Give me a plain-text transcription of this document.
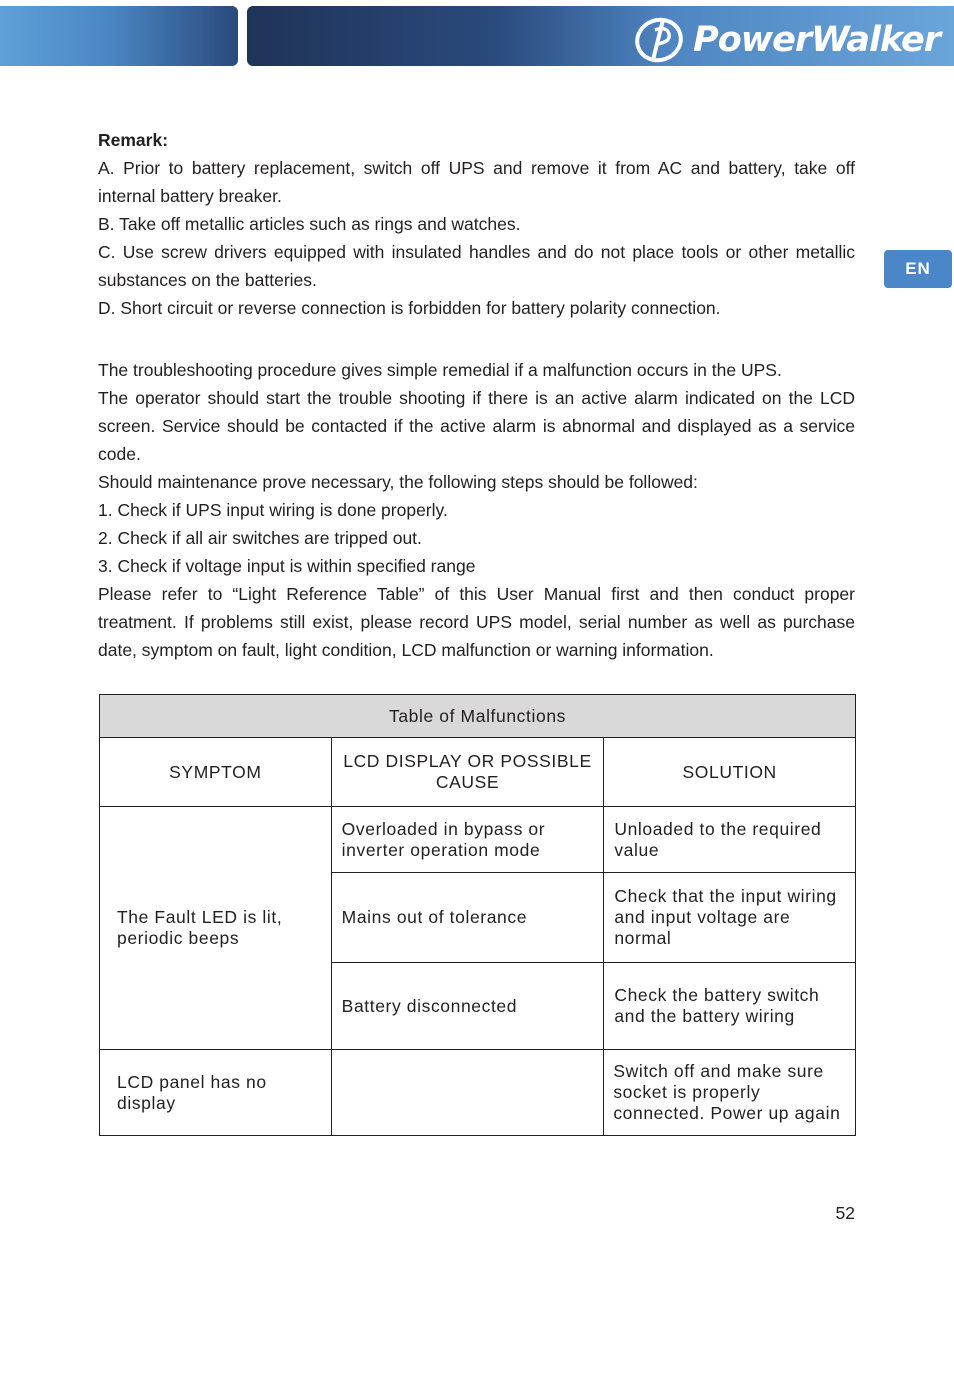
PowerWalker
EN

Remark:

A. Prior to battery replacement, switch off UPS and remove it from AC and battery, take off internal battery breaker.

B. Take off metallic articles such as rings and watches.

C. Use screw drivers equipped with insulated handles and do not place tools or other metallic substances on the batteries.

D. Short circuit or reverse connection is forbidden for battery polarity connection.

The troubleshooting procedure gives simple remedial if a malfunction occurs in the UPS.

The operator should start the trouble shooting if there is an active alarm indicated on the LCD screen. Service should be contacted if the active alarm is abnormal and displayed as a service code.

Should maintenance prove necessary, the following steps should be followed:

1. Check if UPS input wiring is done properly.

2. Check if all air switches are tripped out.

3. Check if voltage input is within specified range

Please refer to “Light Reference Table” of this User Manual first and then conduct proper treatment. If problems still exist, please record UPS model, serial number as well as purchase date, symptom on fault, light condition, LCD malfunction or warning information.

Table of Malfunctions		
SYMPTOM	LCD DISPLAY OR POSSIBLE CAUSE	SOLUTION

The Fault LED is lit, periodic beeps	Overloaded in bypass or inverter operation mode	Unloaded to the required value

	Mains out of tolerance	Check that the input wiring and input voltage are normal

	Battery disconnected	Check the battery switch and the battery wiring

LCD panel has no display		Switch off and make sure socket is properly connected. Power up again
52
